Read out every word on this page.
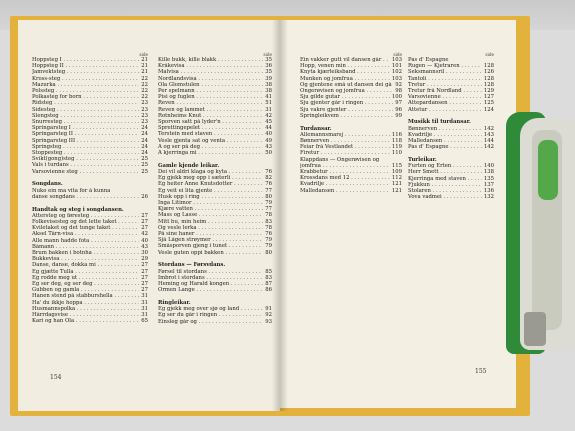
side
Hoppsteg I . . .	21
Hoppsteg II . . .	21
Jamvektsteg . . .	21
Kross-steg . . .	22
Mazurka . . .	22
Polssteg . . .	22
Polkasteg for born . . .	22
Ridsteg . . .	23
Sidesteg . . .	23
Slengsteg . . .	23
Snurresteg . . .	23
Springarsteg I . . .	24
Springarsteg II . . .	24
Springarsteg III . . .	24
Springsteg . . .	24
Stoppesteg . . .	24
Svikt(gong)steg . . .	25
Vals i turdans . . .	25
Varsovienne steg . . .	25
Songdans.
Nuko ein ma vita for å kunna
danse songdans . . .	26
Handtak og steg i songdansen.
Attersteg og føresteg . . .	27
Folkevisesteg og det lette taket . . .	27
Kviletaket og det tunge taket . . .	27
Aksel Tårn-visa . . .	42
Alle mann hadde fota . . .	40
Båmann . . .	43
Brum bakken i botnha . . .	30
Bukkevisa . . .	29
Danse, danse, dokka mi . . .	27
Eg gjætte Tulla . . .	27
Eg rodde meg ut . . .	27
Eg ser deg, eg ser deg . . .	27
Gubben og gamla . . .	27
Hanen stend på stabburshella . . .	31
Ha' du ikkje hoppa . . .	31
Husmannspolka . . .	31
Hårrdagsvise . . .	31
Kari og han Ola . . .	65
side
Kille bukk, kille blakk . . .	35
Kråkevisa . . .	36
Malvisa . . .	35
Nordlandsvisa . . .	39
Ola Glomstulen . . .	38
Per spelmann . . .	38
Pisi og fuglen . . .	41
Reven . . .	51
Reven og lammet . . .	31
Rotnheims Knut . . .	42
Sporven satt på lyder'n . . .	45
Sprettingepelet . . .	44
Terstein med staven . . .	40
Vesle gjenta sat og venta . . .	49
A og ser på deg . . .	43
Å kjerringa mi . . .	50
Gamle kjende leikar.
Dei vil aldri klaga og kyta . . .	76
Eg gjekk meg opp i sæterli . . .	82
Eg heiter Anne Knutsdotter . . .	76
Eg veit ei lita gjente . . .	77
Husk opp i ring . . .	80
Inga Litimor . . .	79
Kjære vatten . . .	77
Mass og Lasse . . .	78
Mitt bu, min heim . . .	83
Og vesle lerka . . .	78
På sine haner . . .	76
Sjå Lågen strøymer . . .	79
Småsporven gjeng i tunet . . .	79
Vesle guten oppi bakken . . .	80
Stordans — Førsvdans.
Førsel til stordans . . .	85
Imbrot i stordans . . .	83
Heming og Harald kongen . . .	87
Ormen Lange . . .	86
Ringleikar.
Eg gjekk meg over sjø og land . . .	91
Eg ser du går i ringen . . .	92
Einsleg går og . . .	93
side
Ein vakker gutt vil dansen går . . .	103
Hopp, venen min . . .	101
Knyta kjærleiksband . . .	102
Munken og jomfrua . . .	103
Og gjentene små ut dansen dei gå . . . 92
Ongerøvisen og jomfrua . . .	98
Sju gilde gutar . . .	100
Sju gjenter går i ringen . . .	97
Sju vakre gjenter . . .	96
Springleikvem . . .	99
Turdansar.
Allemannsmarsj . . .	116
Bønnerven . . .	118
Feiar frå Vestlandet . . .	119
Firetur . . .	110
Klappdans — Ongerøvisen og
jomfrua . . .	115
Krabbetur . . .	109
Krossdans med 12 . . .	112
Kvadrilje . . .	121
Malledansen . . .	121
side
Pas d' Espagne
Rugen — Kjetraren . . .	128
Seksmannsril . . .	126
Tantoli . . .	128
Tretur . . .	128
Tretur frå Nordland . . .	129
Varsovienne . . .	127
Åttepardansen . . .	125
Åttetur . . .	124
Musikk til turdansar.
Bønnerven . . .	142
Kvadrilje . . .	143
Malledansen . . .	144
Pas d' Espagne . . .	142
Turleikar.
Furten og Erten . . .	140
Herr Smett . . .	138
Kjerringa med staven . . .	135
Fjukkun . . .	137
Stolaren . . .	136
Vova vadmei . . .	132
154
155
